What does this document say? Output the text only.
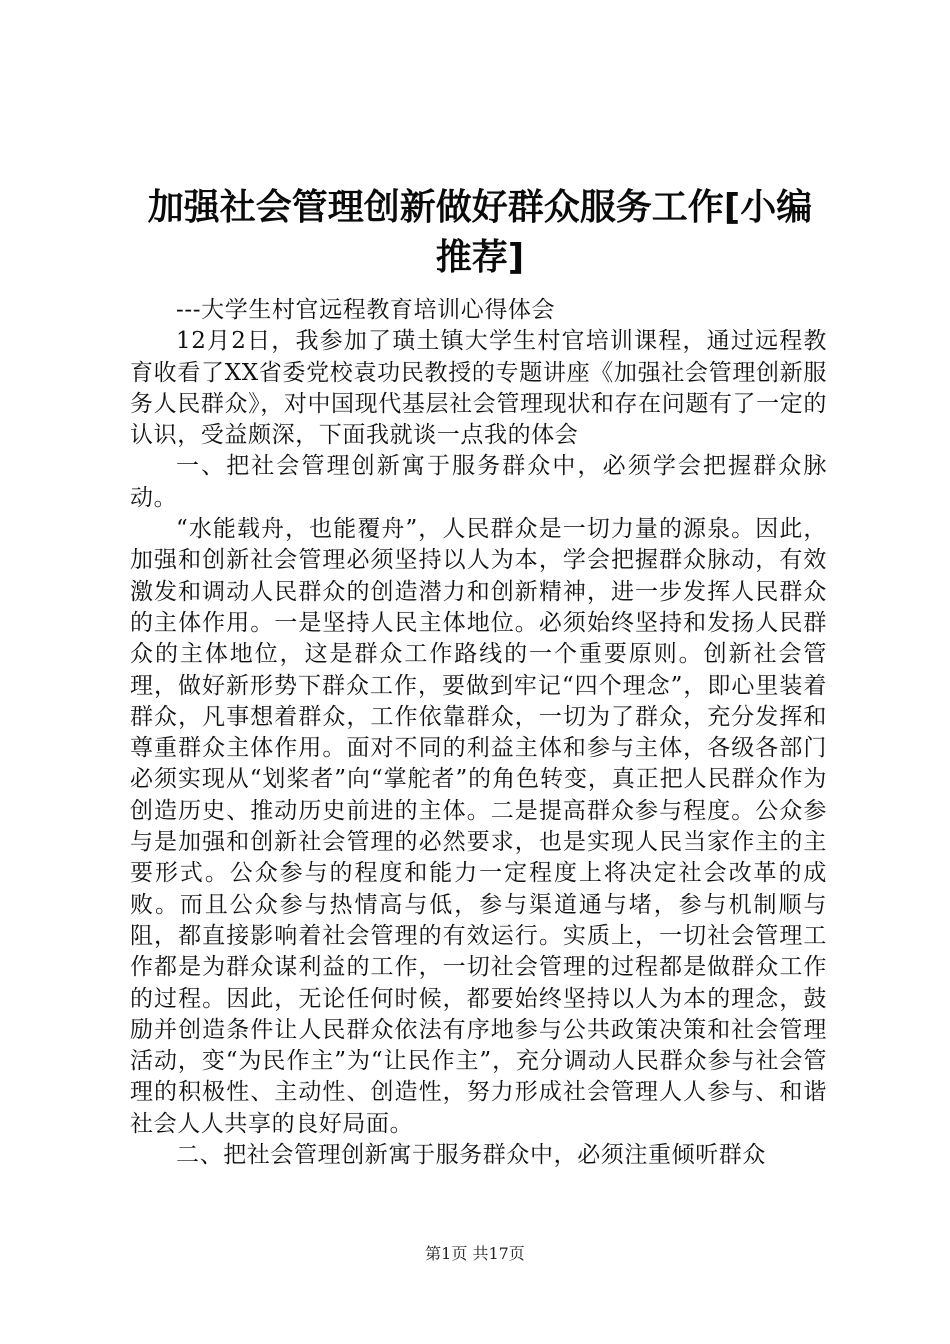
加强社会管理创新做好群众服务工作[小编推荐]

---大学生村官远程教育培训心得体会

12月2日，我参加了璜土镇大学生村官培训课程，通过远程教育收看了XX省委党校袁功民教授的专题讲座《加强社会管理创新服务人民群众》，对中国现代基层社会管理现状和存在问题有了一定的认识，受益颇深，下面我就谈一点我的体会

一、把社会管理创新寓于服务群众中，必须学会把握群众脉动。

“水能载舟，也能覆舟”，人民群众是一切力量的源泉。因此，加强和创新社会管理必须坚持以人为本，学会把握群众脉动，有效激发和调动人民群众的创造潜力和创新精神，进一步发挥人民群众的主体作用。一是坚持人民主体地位。必须始终坚持和发扬人民群众的主体地位，这是群众工作路线的一个重要原则。创新社会管理，做好新形势下群众工作，要做到牢记“四个理念”，即心里装着群众，凡事想着群众，工作依靠群众，一切为了群众，充分发挥和尊重群众主体作用。面对不同的利益主体和参与主体，各级各部门必须实现从“划桨者”向“掌舵者”的角色转变，真正把人民群众作为创造历史、推动历史前进的主体。二是提高群众参与程度。公众参与是加强和创新社会管理的必然要求，也是实现人民当家作主的主要形式。公众参与的程度和能力一定程度上将决定社会改革的成败。而且公众参与热情高与低，参与渠道通与堵，参与机制顺与阻，都直接影响着社会管理的有效运行。实质上，一切社会管理工作都是为群众谋利益的工作，一切社会管理的过程都是做群众工作的过程。因此，无论任何时候，都要始终坚持以人为本的理念，鼓励并创造条件让人民群众依法有序地参与公共政策决策和社会管理活动，变“为民作主”为“让民作主”，充分调动人民群众参与社会管理的积极性、主动性、创造性，努力形成社会管理人人参与、和谐社会人人共享的良好局面。

二、把社会管理创新寓于服务群众中，必须注重倾听群众

第1页 共17页
